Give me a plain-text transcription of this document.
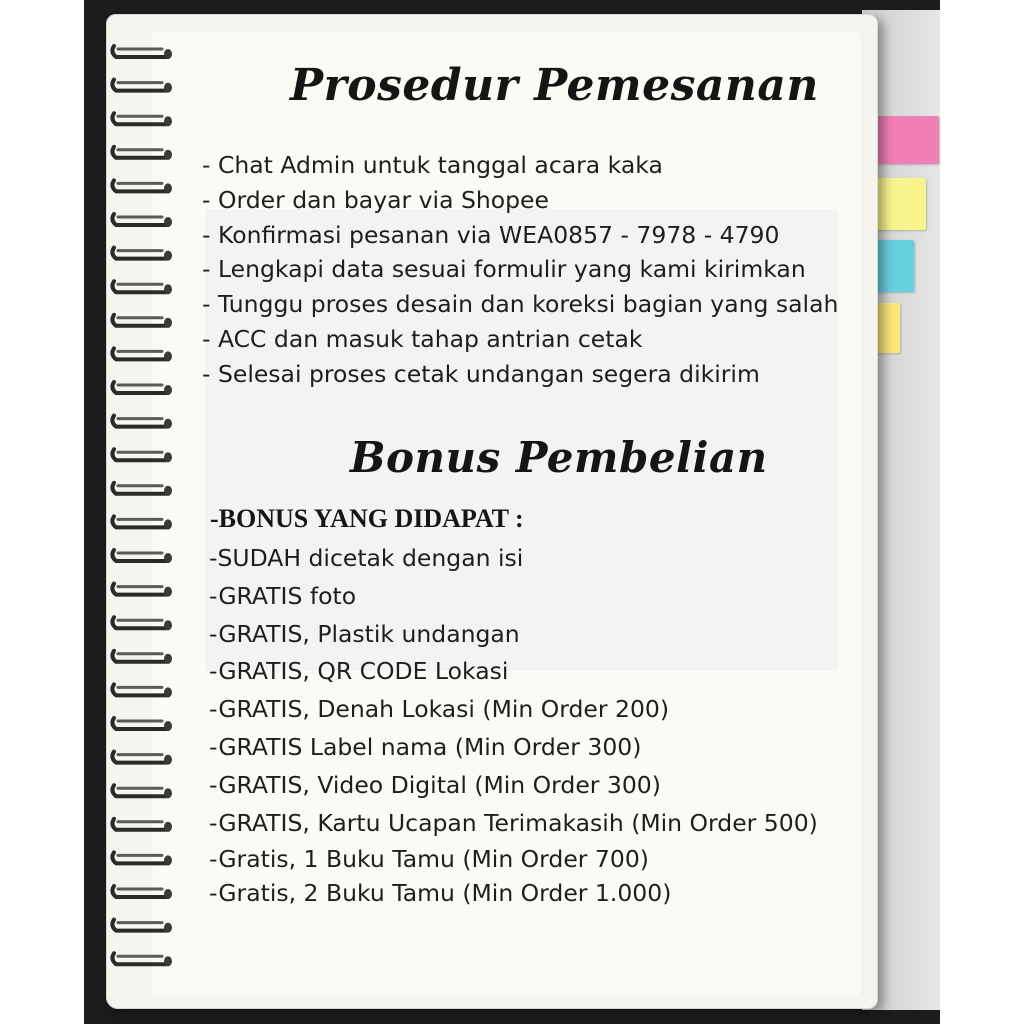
Prosedur Pemesanan
- Chat Admin untuk tanggal acara kaka
- Order dan bayar via Shopee
- Konfirmasi pesanan via WEA0857 - 7978 - 4790
- Lengkapi data sesuai formulir yang kami kirimkan
- Tunggu proses desain dan koreksi bagian yang salah
- ACC dan masuk tahap antrian cetak
- Selesai proses cetak undangan segera dikirim
Bonus Pembelian
-BONUS YANG DIDAPAT :
-SUDAH dicetak dengan isi
-GRATIS foto
-GRATIS, Plastik undangan
-GRATIS, QR CODE Lokasi
-GRATIS, Denah Lokasi (Min Order 200)
-GRATIS Label nama (Min Order 300)
-GRATIS, Video Digital (Min Order 300)
-GRATIS, Kartu Ucapan Terimakasih (Min Order 500)
-Gratis, 1 Buku Tamu (Min Order 700)
-Gratis, 2 Buku Tamu (Min Order 1.000)
